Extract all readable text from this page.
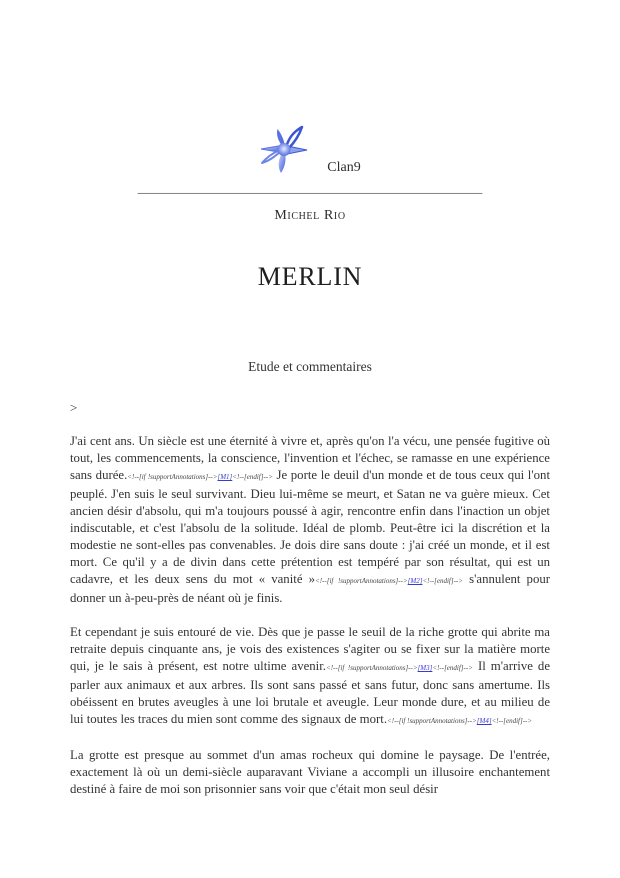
Clan9
_____________________________________________________
Michel Rio
MERLIN
Etude et commentaires
>

J'ai cent ans. Un siècle est une éternité à vivre et, après qu'on l'a vécu, une pensée fugitive où tout, les commencements, la conscience, l'invention et l'échec, se ramasse en une expérience sans durée.<!--[if !supportAnnotations]-->[M1]<!--[endif]--> Je porte le deuil d'un monde et de tous ceux qui l'ont peuplé. J'en suis le seul survivant. Dieu lui-même se meurt, et Satan ne va guère mieux. Cet ancien désir d'absolu, qui m'a toujours poussé à agir, rencontre enfin dans l'inaction un objet indiscutable, et c'est l'absolu de la solitude. Idéal de plomb. Peut-être ici la discrétion et la modestie ne sont-elles pas convenables. Je dois dire sans doute : j'ai créé un monde, et il est mort. Ce qu'il y a de divin dans cette prétention est tempéré par son résultat, qui est un cadavre, et les deux sens du mot « vanité »<!--[if !supportAnnotations]-->[M2]<!--[endif]--> s'annulent pour donner un à-peu-près de néant où je finis.

Et cependant je suis entouré de vie. Dès que je passe le seuil de la riche grotte qui abrite ma retraite depuis cinquante ans, je vois des existences s'agiter ou se fixer sur la matière morte qui, je le sais à présent, est notre ultime avenir.<!--[if !supportAnnotations]-->[M3]<!--[endif]--> Il m'arrive de parler aux animaux et aux arbres. Ils sont sans passé et sans futur, donc sans amertume. Ils obéissent en brutes aveugles à une loi brutale et aveugle. Leur monde dure, et au milieu de lui toutes les traces du mien sont comme des signaux de mort.<!--[if !supportAnnotations]-->[M4]<!--[endif]-->

La grotte est presque au sommet d'un amas rocheux qui domine le paysage. De l'entrée, exactement là où un demi-siècle auparavant Viviane a accompli un illusoire enchantement destiné à faire de moi son prisonnier sans voir que c'était mon seul désir
